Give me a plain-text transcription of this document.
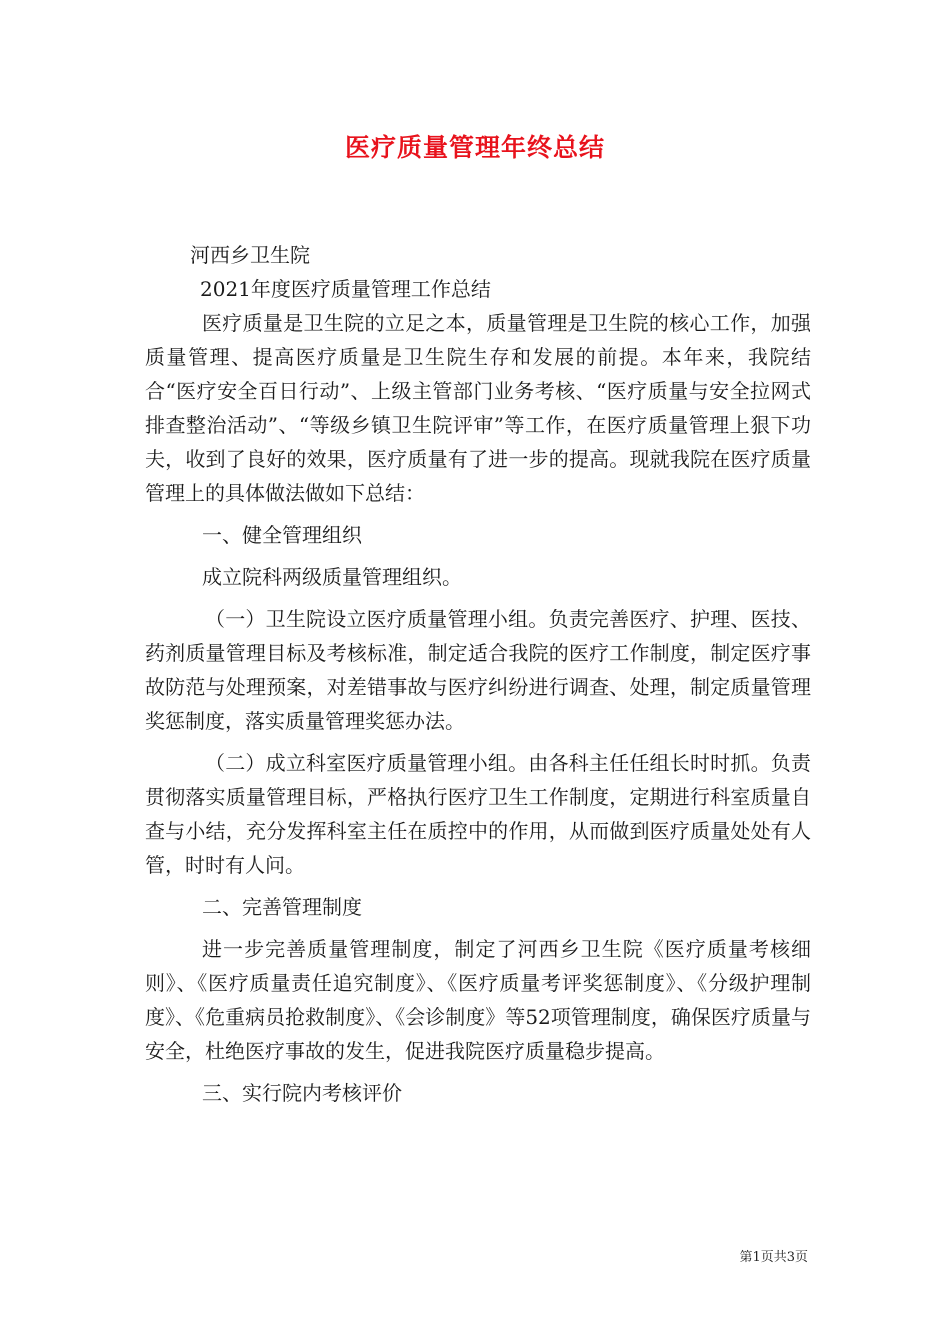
医疗质量管理年终总结

河西乡卫生院

2021年度医疗质量管理工作总结

医疗质量是卫生院的立足之本，质量管理是卫生院的核心工作，加强质量管理、提高医疗质量是卫生院生存和发展的前提。本年来，我院结合“医疗安全百日行动”、上级主管部门业务考核、“医疗质量与安全拉网式排查整治活动”、“等级乡镇卫生院评审”等工作，在医疗质量管理上狠下功夫，收到了良好的效果，医疗质量有了进一步的提高。现就我院在医疗质量管理上的具体做法做如下总结：

一、健全管理组织

成立院科两级质量管理组织。

（一）卫生院设立医疗质量管理小组。负责完善医疗、护理、医技、药剂质量管理目标及考核标准，制定适合我院的医疗工作制度，制定医疗事故防范与处理预案，对差错事故与医疗纠纷进行调查、处理，制定质量管理奖惩制度，落实质量管理奖惩办法。

（二）成立科室医疗质量管理小组。由各科主任任组长时时抓。负责贯彻落实质量管理目标，严格执行医疗卫生工作制度，定期进行科室质量自查与小结，充分发挥科室主任在质控中的作用，从而做到医疗质量处处有人管，时时有人问。

二、完善管理制度

进一步完善质量管理制度，制定了河西乡卫生院《医疗质量考核细则》、《医疗质量责任追究制度》、《医疗质量考评奖惩制度》、《分级护理制度》、《危重病员抢救制度》、《会诊制度》等52项管理制度，确保医疗质量与安全，杜绝医疗事故的发生，促进我院医疗质量稳步提高。

三、实行院内考核评价

第1页共3页
